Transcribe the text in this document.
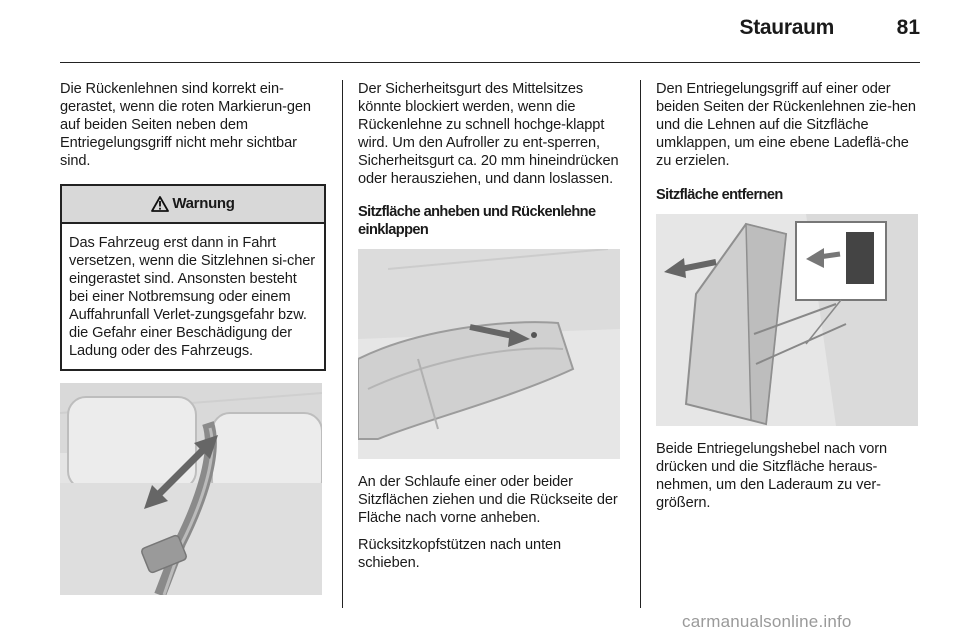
Stauraum	81

Die Rückenlehnen sind korrekt ein-gerastet, wenn die roten Markierun-gen auf beiden Seiten neben dem Entriegelungsgriff nicht mehr sichtbar sind.

Warnung
Das Fahrzeug erst dann in Fahrt versetzen, wenn die Sitzlehnen si-cher eingerastet sind. Ansonsten besteht bei einer Notbremsung oder einem Auffahrunfall Verlet-zungsgefahr bzw. die Gefahr einer Beschädigung der Ladung oder des Fahrzeugs.

Der Sicherheitsgurt des Mittelsitzes könnte blockiert werden, wenn die Rückenlehne zu schnell hochge-klappt wird. Um den Aufroller zu ent-sperren, Sicherheitsgurt ca. 20 mm hineindrücken oder herausziehen, und dann loslassen.

Sitzfläche anheben und Rückenlehne einklappen

An der Schlaufe einer oder beider Sitzflächen ziehen und die Rückseite der Fläche nach vorne anheben.

Rücksitzkopfstützen nach unten schieben.

Den Entriegelungsgriff auf einer oder beiden Seiten der Rückenlehnen zie-hen und die Lehnen auf die Sitzfläche umklappen, um eine ebene Ladeflä-che zu erzielen.

Sitzfläche entfernen

Beide Entriegelungshebel nach vorn drücken und die Sitzfläche heraus-nehmen, um den Laderaum zu ver-größern.

carmanualsonline.info
